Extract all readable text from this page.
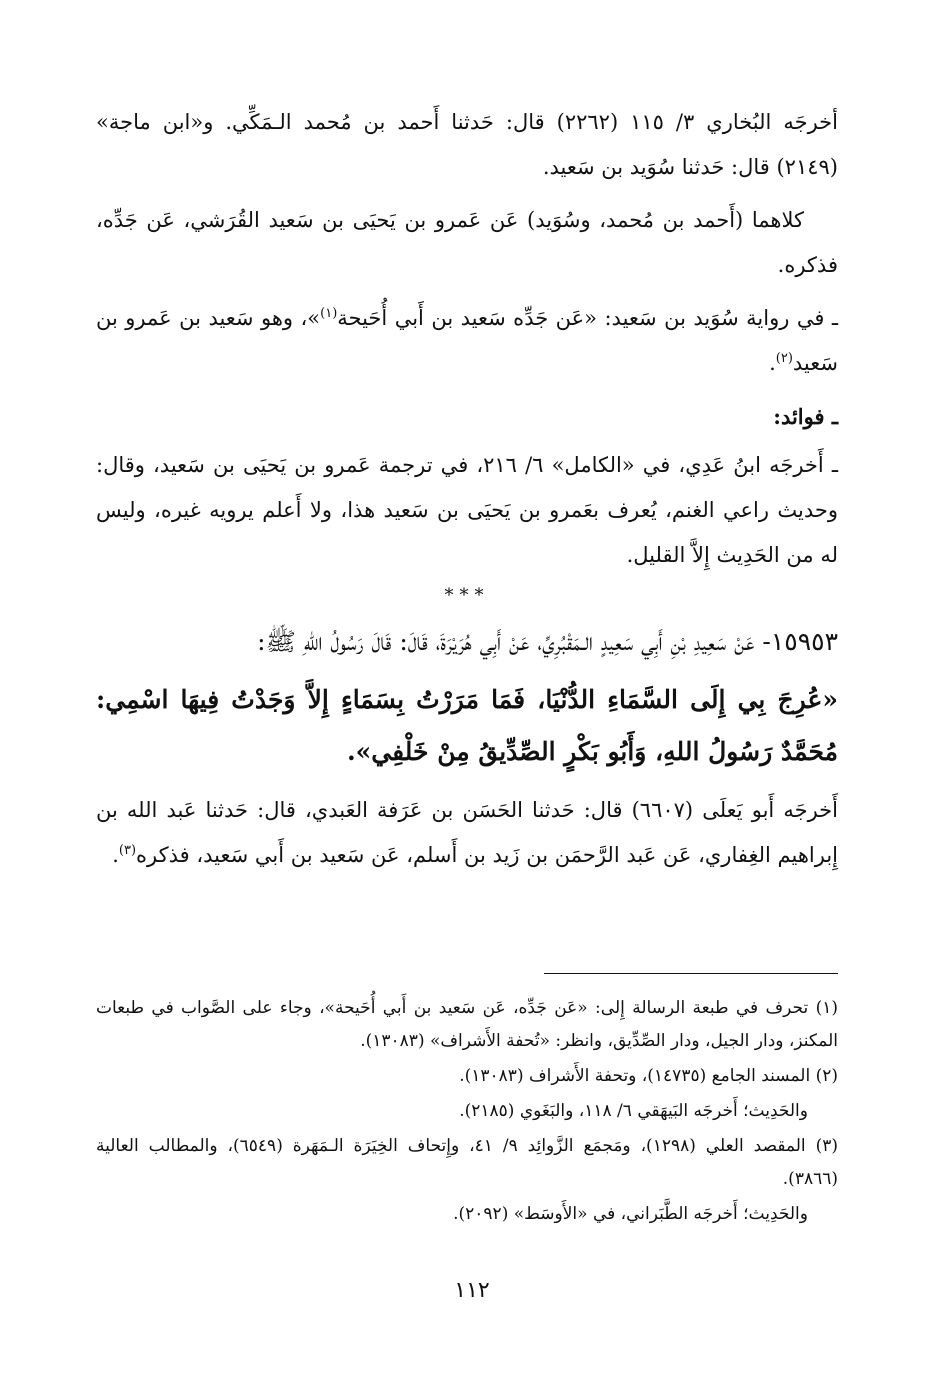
أخرجَه البُخاري ٣/ ١١٥ (٢٢٦٢) قال: حَدثنا أَحمد بن مُحمد الـمَكِّي. و«ابن ماجة» (٢١٤٩) قال: حَدثنا سُوَيد بن سَعيد.

كلاهما (أَحمد بن مُحمد، وسُوَيد) عَن عَمرو بن يَحيَى بن سَعيد القُرَشي، عَن جَدِّه، فذكره.

ـ في رواية سُوَيد بن سَعيد: «عَن جَدِّه سَعيد بن أَبي أُحَيحة$^{(١)}$»، وهو سَعيد بن عَمرو بن سَعيد$^{(٢)}$.

ـ فوائد:

ـ أَخرجَه ابنُ عَدِي، في «الكامل» ٦/ ٢١٦، في ترجمة عَمرو بن يَحيَى بن سَعيد، وقال: وحديث راعي الغنم، يُعرف بعَمرو بن يَحيَى بن سَعيد هذا، ولا أَعلم يرويه غيره، وليس له من الحَدِيث إِلاَّ القليل.

***

١٥٩٥٣- عَنْ سَعِيدِ بْنِ أَبِي سَعِيدٍ الـمَقْبُرِيِّ، عَنْ أَبِي هُرَيْرَةَ، قَالَ: قَالَ رَسُولُ اللهِ ﷺ:

«عُرِجَ بِي إِلَى السَّمَاءِ الدُّنْيَا، فَمَا مَرَرْتُ بِسَمَاءٍ إِلاَّ وَجَدْتُ فِيهَا اسْمِي: مُحَمَّدٌ رَسُولُ اللهِ، وَأَبُو بَكْرٍ الصِّدِّيقُ مِنْ خَلْفِي».

أَخرجَه أَبو يَعلَى (٦٦٠٧) قال: حَدثنا الحَسَن بن عَرَفة العَبدي، قال: حَدثنا عَبد الله بن إِبراهيم الغِفاري، عَن عَبد الرَّحمَن بن زَيد بن أَسلم، عَن سَعيد بن أَبي سَعيد، فذكره$^{(٣)}$.

(١) تحرف في طبعة الرسالة إِلى: «عَن جَدِّه، عَن سَعيد بن أَبي أُحَيحة»، وجاء على الصَّواب في طبعات المكنز، ودار الجيل، ودار الصِّدِّيق، وانظر: «تُحفة الأَشراف» (١٣٠٨٣).

(٢) المسند الجامع (١٤٧٣٥)، وتحفة الأَشراف (١٣٠٨٣).

والحَدِيث؛ أَخرجَه البَيهَقي ٦/ ١١٨، والبَغَوي (٢١٨٥).

(٣) المقصد العلي (١٢٩٨)، ومَجمَع الزَّوائِد ٩/ ٤١، وإِتحاف الخِيَرَة الـمَهَرة (٦٥٤٩)، والمطالب العالية (٣٨٦٦).

والحَدِيث؛ أَخرجَه الطَّبَراني، في «الأَوسَط» (٢٠٩٢).

١١٢
